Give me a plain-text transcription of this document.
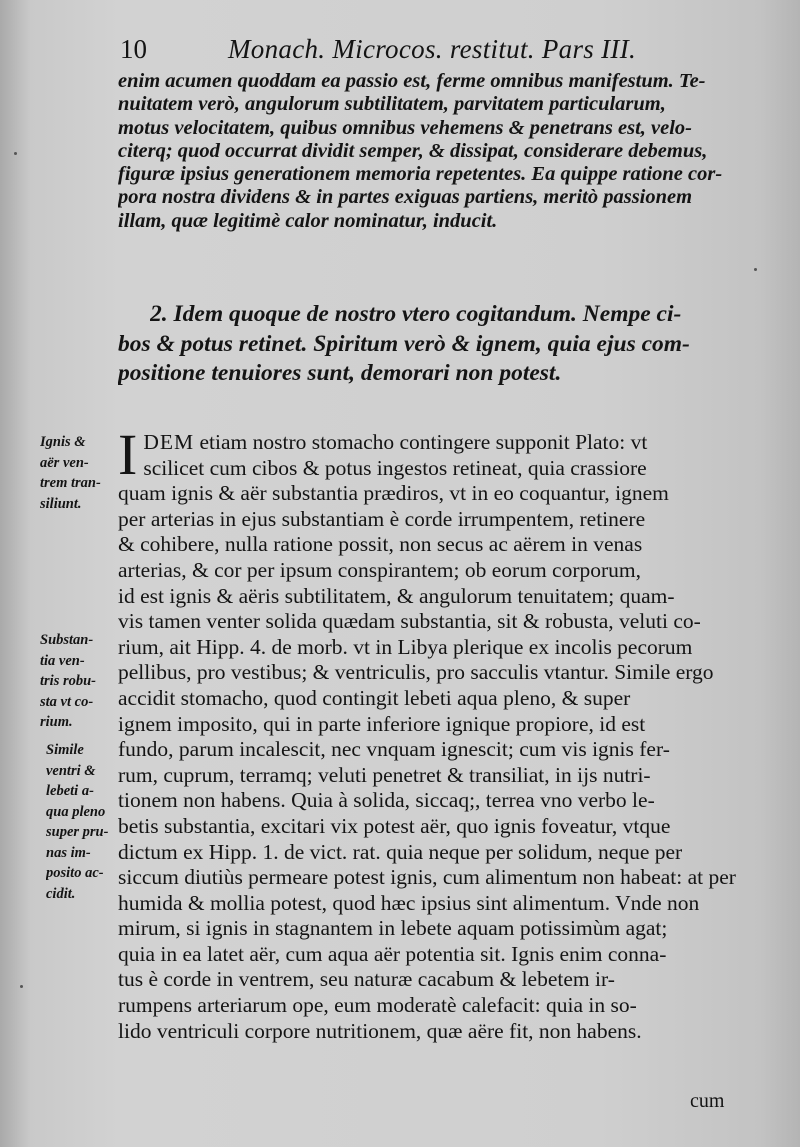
10	Monach. Microcos. restitut. Pars III.
enim acumen quoddam ea passio est, ferme omnibus manifestum. Te-
nuitatem verò, angulorum subtilitatem, parvitatem particularum,
motus velocitatem, quibus omnibus vehemens & penetrans est, velo-
citerq; quod occurrat dividit semper, & dissipat, considerare debemus,
figuræ ipsius generationem memoria repetentes. Ea quippe ratione cor-
pora nostra dividens & in partes exiguas partiens, meritò passionem
illam, quæ legitimè calor nominatur, inducit.
2. Idem quoque de nostro vtero cogitandum. Nempe ci-
bos & potus retinet. Spiritum verò & ignem, quia ejus com-
positione tenuiores sunt, demorari non potest.
I DEM etiam nostro stomacho contingere supponit Plato: vt
scilicet cum cibos & potus ingestos retineat, quia crassiore
quam ignis & aër substantia prædiros, vt in eo coquantur, ignem
per arterias in ejus substantiam è corde irrumpentem, retinere
& cohibere, nulla ratione possit, non secus ac aërem in venas
arterias, & cor per ipsum conspirantem; ob eorum corporum,
id est ignis & aëris subtilitatem, & angulorum tenuitatem; quam-
vis tamen venter solida quædam substantia, sit & robusta, veluti co-
rium, ait Hipp. 4. de morb. vt in Libya plerique ex incolis pecorum
pellibus, pro vestibus; & ventriculis, pro sacculis vtantur. Simile ergo
accidit stomacho, quod contingit lebeti aqua pleno, & super
ignem imposito, qui in parte inferiore ignique propiore, id est
fundo, parum incalescit, nec vnquam ignescit; cum vis ignis fer-
rum, cuprum, terramq; veluti penetret & transiliat, in ijs nutri-
tionem non habens. Quia à solida, siccaq;, terrea vno verbo le-
betis substantia, excitari vix potest aër, quo ignis foveatur, vtque
dictum ex Hipp. 1. de vict. rat. quia neque per solidum, neque per
siccum diutiùs permeare potest ignis, cum alimentum non habeat: at per
humida & mollia potest, quod hæc ipsius sint alimentum. Vnde non
mirum, si ignis in stagnantem in lebete aquam potissimùm agat;
quia in ea latet aër, cum aqua aër potentia sit. Ignis enim conna-
tus è corde in ventrem, seu naturæ cacabum & lebetem ir-
rumpens arteriarum ope, eum moderatè calefacit: quia in so-
lido ventriculi corpore nutritionem, quæ aëre fit, non habens.
Ignis &
aër ven-
trem tran-
siliunt.
Substan-
tia ven-
tris robu-
sta vt co-
rium.
Simile
ventri &
lebeti a-
qua pleno
super pru-
nas im-
posito ac-
cidit.
cum
